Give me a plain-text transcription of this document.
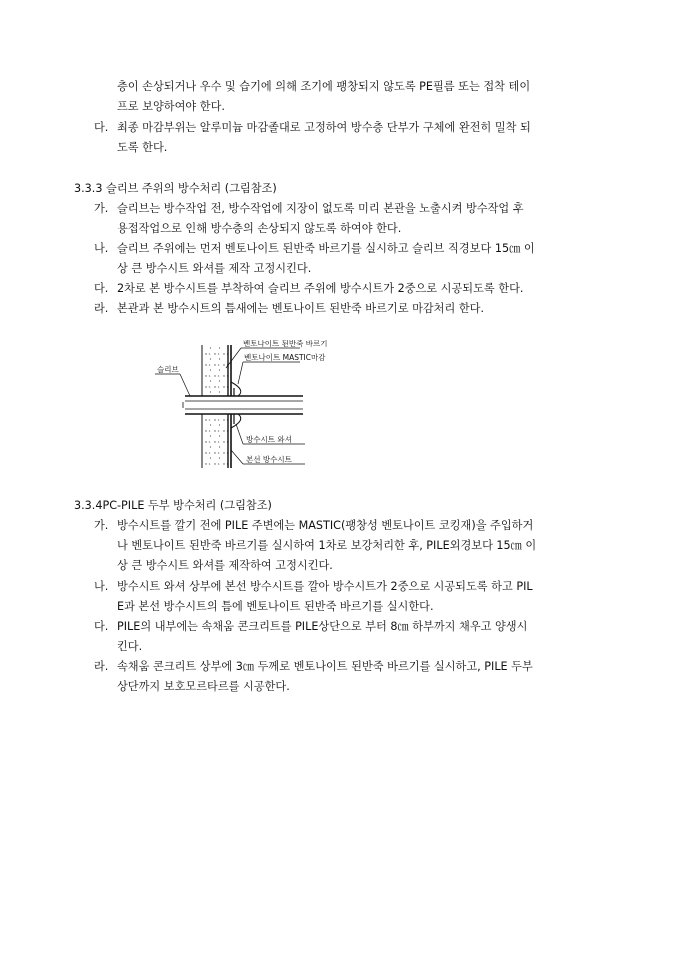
층이 손상되거나 우수 및 습기에 의해 조기에 팽창되지 않도록 PE필름 또는 접착 테이
프로 보양하여야 한다.
다. 최종 마감부위는 알루미늄 마감졸대로 고정하여 방수층 단부가 구체에 완전히 밀착 되
도록 한다.
3.3.3 슬리브 주위의 방수처리 (그림참조)
가. 슬리브는 방수작업 전, 방수작업에 지장이 없도록 미리 본관을 노출시켜 방수작업 후
용접작업으로 인해 방수층의 손상되지 않도록 하여야 한다.
나. 슬리브 주위에는 먼저 벤토나이트 된반죽 바르기를 실시하고 슬리브 직경보다 15㎝ 이
상 큰 방수시트 와셔를 제작 고정시킨다.
다. 2차로 본 방수시트를 부착하여 슬리브 주위에 방수시트가 2중으로 시공되도록 한다.
라. 본관과 본 방수시트의 틈새에는 벤토나이트 된반죽 바르기로 마감처리 한다.
벤토나이트 된반죽 바르기
벤토나이트 MASTIC마감
슬리브
방수시트 와셔
본선 방수시트
3.3.4PC-PILE 두부 방수처리 (그림참조)
가. 방수시트를 깔기 전에 PILE 주변에는 MASTIC(팽창성 벤토나이트 코킹재)을 주입하거
나 벤토나이트 된반죽 바르기를 실시하여 1차로 보강처리한 후, PILE외경보다 15㎝ 이
상 큰 방수시트 와셔를 제작하여 고정시킨다.
나. 방수시트 와셔 상부에 본선 방수시트를 깔아 방수시트가 2중으로 시공되도록 하고 PIL
E과 본선 방수시트의 틈에 벤토나이트 된반죽 바르기를 실시한다.
다. PILE의 내부에는 속채움 콘크리트를 PILE상단으로 부터 8㎝ 하부까지 채우고 양생시
킨다.
라. 속채움 콘크리트 상부에 3㎝ 두께로 벤토나이트 된반죽 바르기를 실시하고, PILE 두부
상단까지 보호모르타르를 시공한다.
